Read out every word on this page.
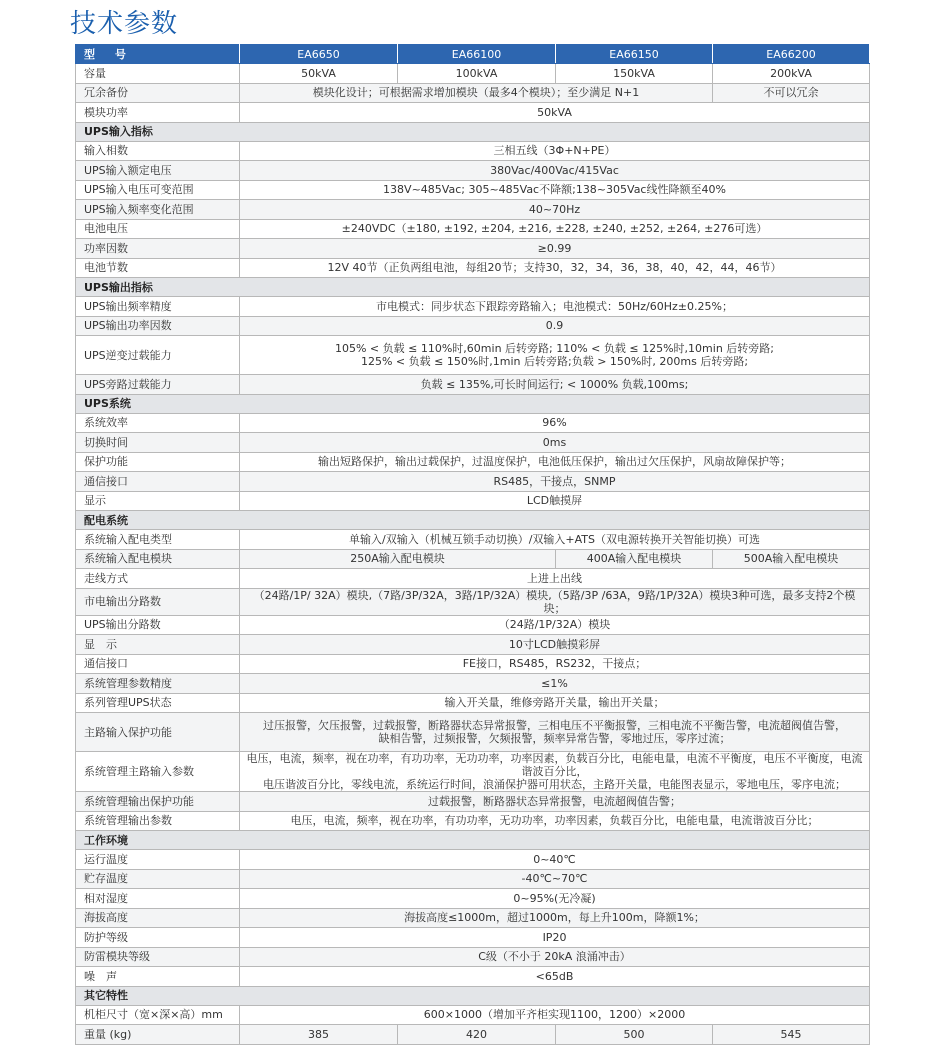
技术参数
型 号	EA6650	EA66100	EA66150	EA66200
容量	50kVA	100kVA	150kVA	200kVA
冗余备份	模块化设计；可根据需求增加模块（最多4个模块）；至少满足 N+1			不可以冗余
模块功率	50kVA			
UPS输入指标				
输入相数	三相五线（3Φ+N+PE）			
UPS输入额定电压	380Vac/400Vac/415Vac			
UPS输入电压可变范围	138V~485Vac; 305~485Vac不降额;138~305Vac线性降额至40%			
UPS输入频率变化范围	40~70Hz			
电池电压	±240VDC（±180, ±192, ±204, ±216, ±228, ±240, ±252, ±264, ±276可选）			
功率因数	≥0.99			
电池节数	12V 40节（正负两组电池，每组20节；支持30，32，34，36，38，40，42，44，46节）			
UPS输出指标				
UPS输出频率精度	市电模式：同步状态下跟踪旁路输入；电池模式：50Hz/60Hz±0.25%；			
UPS输出功率因数	0.9			
UPS逆变过载能力	105% < 负载 ≤ 110%时,60min 后转旁路; 110% < 负载 ≤ 125%时,10min 后转旁路;
125% < 负载 ≤ 150%时,1min 后转旁路;负载 > 150%时, 200ms 后转旁路;			
UPS旁路过载能力	负载 ≤ 135%,可长时间运行; < 1000% 负载,100ms;			
UPS系统				
系统效率	96%			
切换时间	0ms			
保护功能	输出短路保护，输出过载保护，过温度保护，电池低压保护，输出过欠压保护，风扇故障保护等；			
通信接口	RS485，干接点，SNMP			
显示	LCD触摸屏			
配电系统				
系统输入配电类型	单输入/双输入（机械互锁手动切换）/双输入+ATS（双电源转换开关智能切换）可选			
系统输入配电模块	250A输入配电模块		400A输入配电模块	500A输入配电模块
走线方式	上进上出线			
市电输出分路数	（24路/1P/ 32A）模块,（7路/3P/32A，3路/1P/32A）模块,（5路/3P /63A，9路/1P/32A）模块3种可选，最多支持2个模块；			
UPS输出分路数	（24路/1P/32A）模块			
显　示	10寸LCD触摸彩屏			
通信接口	FE接口，RS485，RS232，干接点；			
系统管理参数精度	≤1%			
系列管理UPS状态	输入开关量，维修旁路开关量，输出开关量；			
主路输入保护功能	过压报警，欠压报警，过载报警，断路器状态异常报警，三相电压不平衡报警，三相电流不平衡告警，电流超阀值告警，
缺相告警，过频报警，欠频报警，频率异常告警，零地过压，零序过流；			
系统管理主路输入参数	电压，电流，频率，视在功率，有功功率，无功功率，功率因素，负载百分比，电能电量，电流不平衡度，电压不平衡度，电流谐波百分比，
电压谐波百分比，零线电流，系统运行时间，浪涌保护器可用状态，主路开关量，电能图表显示，零地电压，零序电流；			
系统管理输出保护功能	过载报警，断路器状态异常报警，电流超阀值告警；			
系统管理输出参数	电压，电流，频率，视在功率，有功功率，无功功率，功率因素，负载百分比，电能电量，电流谐波百分比；			
工作环境				
运行温度	0~40℃			
贮存温度	-40℃~70℃			
相对湿度	0~95%(无冷凝)			
海拔高度	海拔高度≤1000m，超过1000m，每上升100m，降额1%；			
防护等级	IP20			
防雷模块等级	C级（不小于 20kA 浪涌冲击）			
噪　声	<65dB			
其它特性				
机柜尺寸（宽×深×高）mm	600×1000（增加平齐柜实现1100，1200）×2000			
重量 (kg)	385	420	500	545
